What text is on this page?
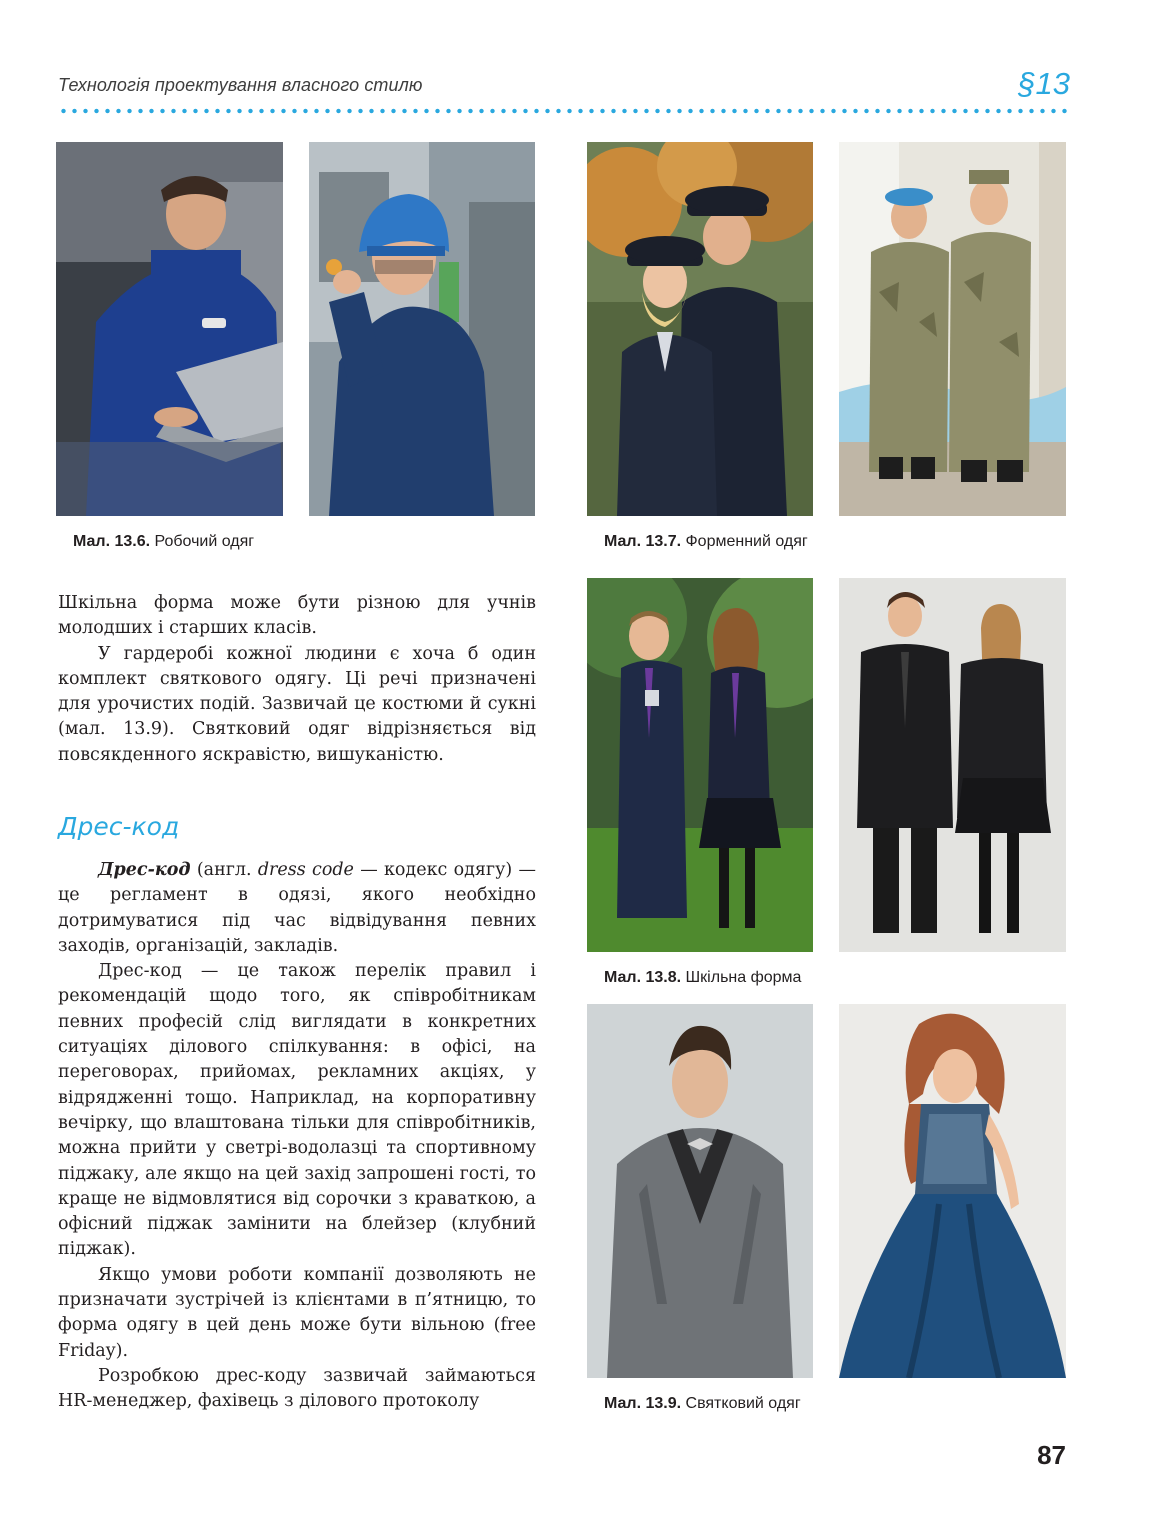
Технологія проектування власного стилю	§13
Мал. 13.6. Робочий одяг	Мал. 13.7. Форменний одяг
Мал. 13.8. Шкільна форма
Мал. 13.9. Святковий одяг

Шкільна форма може бути різною для учнів молодших і старших класів.

У гардеробі кожної людини є хоча б один комплект святкового одягу. Ці речі призначені для урочистих подій. Зазвичай це костюми й сукні (мал. 13.9). Святковий одяг відрізняється від повсякденного яскравістю, вишуканістю.

Дрес-код

Дрес-код (англ. dress code — кодекс одягу) — це регламент в одязі, якого необхідно дотримуватися під час відвідування певних заходів, організацій, закладів.

Дрес-код — це також перелік правил і рекомендацій щодо того, як співробітникам певних професій слід виглядати в конкретних ситуаціях ділового спілкування: в офісі, на переговорах, прийомах, рекламних акціях, у відрядженні тощо. Наприклад, на корпоративну вечірку, що влаштована тільки для співробітників, можна прийти у светрі-водолазці та спортивному піджаку, але якщо на цей захід запрошені гості, то краще не відмовлятися від сорочки з краваткою, а офісний піджак замінити на блейзер (клубний піджак).

Якщо умови роботи компанії дозволяють не призначати зустрічей із клієнтами в п’ятницю, то форма одягу в цей день може бути вільною (free Friday).

Розробкою дрес-коду зазвичай займаються HR-менеджер, фахівець з ділового протоколу

87
